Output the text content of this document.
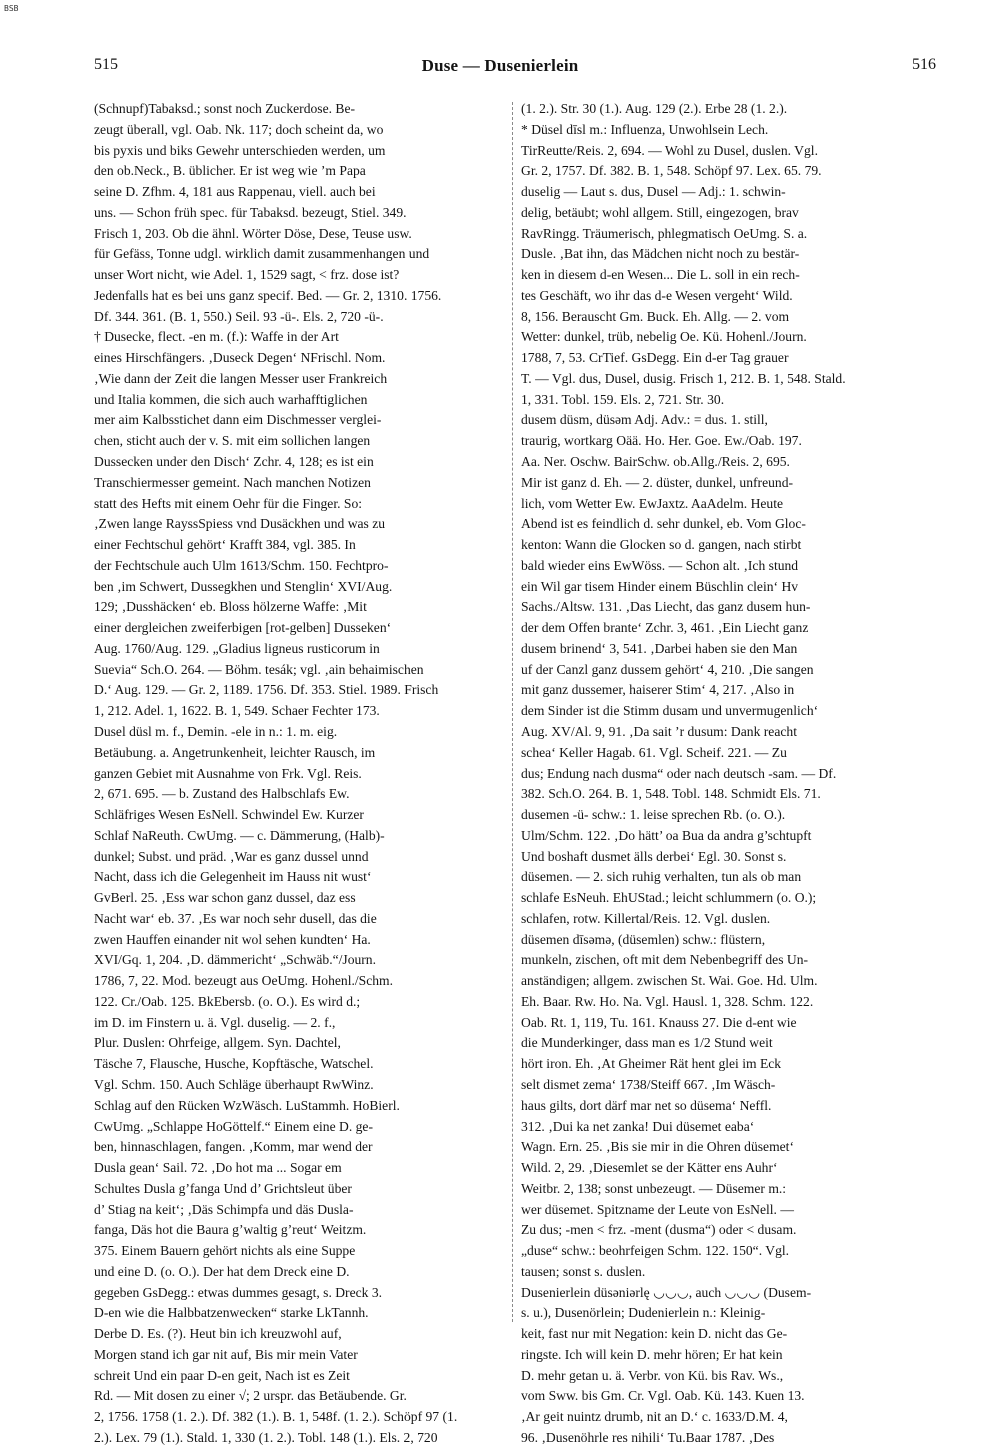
BSB
515	Duse — Dusenierlein	516
(Schnupf)Tabaksd.; sonst noch Zuckerdose. Be-
zeugt überall, vgl. Oab. Nk. 117; doch scheint da, wo
bis pyxis und biks Gewehr unterschieden werden, um
den ob.Neck., B. üblicher. Er ist weg wie ’m Papa
seine D. Zfhm. 4, 181 aus Rappenau, viell. auch bei
uns. — Schon früh spec. für Tabaksd. bezeugt, Stiel. 349.
Frisch 1, 203. Ob die ähnl. Wörter Döse, Dese, Teuse usw.
für Gefäss, Tonne udgl. wirklich damit zusammenhangen und
unser Wort nicht, wie Adel. 1, 1529 sagt, < frz. dose ist?
Jedenfalls hat es bei uns ganz specif. Bed. — Gr. 2, 1310. 1756.
Df. 344. 361. (B. 1, 550.) Seil. 93 -ü-. Els. 2, 720 -ü-.
† Dusecke, flect. -en m. (f.): Waffe in der Art
eines Hirschfängers. ‚Duseck Degen‘ NFrischl. Nom.
‚Wie dann der Zeit die langen Messer user Frankreich
und Italia kommen, die sich auch warhafftiglichen
mer aim Kalbsstichet dann eim Dischmesser verglei-
chen, sticht auch der v. S. mit eim sollichen langen
Dussecken under den Disch‘ Zchr. 4, 128; es ist ein
Transchiermesser gemeint. Nach manchen Notizen
statt des Hefts mit einem Oehr für die Finger. So:
‚Zwen lange RayssSpiess vnd Dusäckhen und was zu
einer Fechtschul gehört‘ Krafft 384, vgl. 385. In
der Fechtschule auch Ulm 1613/Schm. 150. Fechtpro-
ben ‚im Schwert, Dussegkhen und Stenglin‘ XVI/Aug.
129; ‚Dusshäcken‘ eb. Bloss hölzerne Waffe: ‚Mit
einer dergleichen zweiferbigen [rot-gelben] Dusseken‘
Aug. 1760/Aug. 129. „Gladius ligneus rusticorum in
Suevia“ Sch.O. 264. — Böhm. tesák; vgl. ‚ain behaimischen
D.‘ Aug. 129. — Gr. 2, 1189. 1756. Df. 353. Stiel. 1989. Frisch
1, 212. Adel. 1, 1622. B. 1, 549. Schaer Fechter 173.
Dusel düsl m. f., Demin. -ele in n.: 1. m. eig.
Betäubung. a. Angetrunkenheit, leichter Rausch, im
ganzen Gebiet mit Ausnahme von Frk. Vgl. Reis.
2, 671. 695. — b. Zustand des Halbschlafs Ew.
Schläfriges Wesen EsNell. Schwindel Ew. Kurzer
Schlaf NaReuth. CwUmg. — c. Dämmerung, (Halb)-
dunkel; Subst. und präd. ‚War es ganz dussel unnd
Nacht, dass ich die Gelegenheit im Hauss nit wust‘
GvBerl. 25. ‚Ess war schon ganz dussel, daz ess
Nacht war‘ eb. 37. ‚Es war noch sehr dusell, das die
zwen Hauffen einander nit wol sehen kundten‘ Ha.
XVI/Gq. 1, 204. ‚D. dämmericht‘ „Schwäb.“/Journ.
1786, 7, 22. Mod. bezeugt aus OeUmg. Hohenl./Schm.
122. Cr./Oab. 125. BkEbersb. (o. O.). Es wird d.;
im D. im Finstern u. ä. Vgl. duselig. — 2. f.,
Plur. Duslen: Ohrfeige, allgem. Syn. Dachtel,
Täsche 7, Flausche, Husche, Kopftäsche, Watschel.
Vgl. Schm. 150. Auch Schläge überhaupt RwWinz.
Schlag auf den Rücken WzWäsch. LuStammh. HoBierl.
CwUmg. „Schlappe HoGöttelf.“ Einem eine D. ge-
ben, hinnaschlagen, fangen. ‚Komm, mar wend der
Dusla gean‘ Sail. 72. ‚Do hot ma ... Sogar em
Schultes Dusla g’fanga Und d’ Grichtsleut über
d’ Stiag na keit‘; ‚Däs Schimpfa und däs Dusla-
fanga, Däs hot die Baura g’waltig g’reut‘ Weitzm.
375. Einem Bauern gehört nichts als eine Suppe
und eine D. (o. O.). Der hat dem Dreck eine D.
gegeben GsDegg.: etwas dummes gesagt, s. Dreck 3.
D-en wie die Halbbatzenwecken“ starke LkTannh.
Derbe D. Es. (?). Heut bin ich kreuzwohl auf,
Morgen stand ich gar nit auf, Bis mir mein Vater
schreit Und ein paar D-en geit, Nach ist es Zeit
Rd. — Mit dosen zu einer √; 2 urspr. das Betäubende. Gr.
2, 1756. 1758 (1. 2.). Df. 382 (1.). B. 1, 548f. (1. 2.). Schöpf 97 (1.
2.). Lex. 79 (1.). Stald. 1, 330 (1. 2.). Tobl. 148 (1.). Els. 2, 720
(1. 2.). Str. 30 (1.). Aug. 129 (2.). Erbe 28 (1. 2.).
* Düsel dīsl m.: Influenza, Unwohlsein Lech.
TirReutte/Reis. 2, 694. — Wohl zu Dusel, duslen. Vgl.
Gr. 2, 1757. Df. 382. B. 1, 548. Schöpf 97. Lex. 65. 79.
duselig — Laut s. dus, Dusel — Adj.: 1. schwin-
delig, betäubt; wohl allgem. Still, eingezogen, brav
RavRingg. Träumerisch, phlegmatisch OeUmg. S. a.
Dusle. ‚Bat ihn, das Mädchen nicht noch zu bestär-
ken in diesem d-en Wesen... Die L. soll in ein rech-
tes Geschäft, wo ihr das d-e Wesen vergeht‘ Wild.
8, 156. Berauscht Gm. Buck. Eh. Allg. — 2. vom
Wetter: dunkel, trüb, nebelig Oe. Kü. Hohenl./Journ.
1788, 7, 53. CrTief. GsDegg. Ein d-er Tag grauer
T. — Vgl. dus, Dusel, dusig. Frisch 1, 212. B. 1, 548. Stald.
1, 331. Tobl. 159. Els. 2, 721. Str. 30.
dusem düsm, düsəm Adj. Adv.: = dus. 1. still,
traurig, wortkarg Oää. Ho. Her. Goe. Ew./Oab. 197.
Aa. Ner. Oschw. BairSchw. ob.Allg./Reis. 2, 695.
Mir ist ganz d. Eh. — 2. düster, dunkel, unfreund-
lich, vom Wetter Ew. EwJaxtz. AaAdelm. Heute
Abend ist es feindlich d. sehr dunkel, eb. Vom Gloc-
kenton: Wann die Glocken so d. gangen, nach stirbt
bald wieder eins EwWöss. — Schon alt. ‚Ich stund
ein Wil gar tisem Hinder einem Büschlin clein‘ Hv
Sachs./Altsw. 131. ‚Das Liecht, das ganz dusem hun-
der dem Offen brante‘ Zchr. 3, 461. ‚Ein Liecht ganz
dusem brinend‘ 3, 541. ‚Darbei haben sie den Man
uf der Canzl ganz dussem gehört‘ 4, 210. ‚Die sangen
mit ganz dussemer, haiserer Stim‘ 4, 217. ‚Also in
dem Sinder ist die Stimm dusam und unvermugenlich‘
Aug. XV/Al. 9, 91. ‚Da sait ’r dusum: Dank reacht
schea‘ Keller Hagab. 61. Vgl. Scheif. 221. — Zu
dus; Endung nach dusma“ oder nach deutsch -sam. — Df.
382. Sch.O. 264. B. 1, 548. Tobl. 148. Schmidt Els. 71.
dusemen -ü- schw.: 1. leise sprechen Rb. (o. O.).
Ulm/Schm. 122. ‚Do hätt’ oa Bua da andra g’schtupft
Und boshaft dusmet älls derbei‘ Egl. 30. Sonst s.
düsemen. — 2. sich ruhig verhalten, tun als ob man
schlafe EsNeuh. EhUStad.; leicht schlummern (o. O.);
schlafen, rotw. Killertal/Reis. 12. Vgl. duslen.
düsemen dīsəmə, (düsemlen) schw.: flüstern,
munkeln, zischen, oft mit dem Nebenbegriff des Un-
anständigen; allgem. zwischen St. Wai. Goe. Hd. Ulm.
Eh. Baar. Rw. Ho. Na. Vgl. Hausl. 1, 328. Schm. 122.
Oab. Rt. 1, 119, Tu. 161. Knauss 27. Die d-ent wie
die Munderkinger, dass man es 1/2 Stund weit
hört iron. Eh. ‚At Gheimer Rät hent glei im Eck
selt dismet zema‘ 1738/Steiff 667. ‚Im Wäsch-
haus gilts, dort därf mar net so düsema‘ Neffl.
312. ‚Dui ka net zanka! Dui düsemet eaba‘
Wagn. Ern. 25. ‚Bis sie mir in die Ohren düsemet‘
Wild. 2, 29. ‚Diesemlet se der Kätter ens Auhr‘
Weitbr. 2, 138; sonst unbezeugt. — Düsemer m.:
wer düsemet. Spitzname der Leute von EsNell. —
Zu dus; -men < frz. -ment (dusma“) oder < dusam.
„duse“ schw.: beohrfeigen Schm. 122. 150“. Vgl.
tausen; sonst s. duslen.
Dusenierlein düsəniərlę ◡◡◡, auch ◡◡◡ (Dusem-
s. u.), Dusenörlein; Dudenierlein n.: Kleinig-
keit, fast nur mit Negation: kein D. nicht das Ge-
ringste. Ich will kein D. mehr hören; Er hat kein
D. mehr getan u. ä. Verbr. von Kü. bis Rav. Ws.,
vom Sww. bis Gm. Cr. Vgl. Oab. Kü. 143. Kuen 13.
‚Ar geit nuintz drumb, nit an D.‘ c. 1633/D.M. 4,
96. ‚Dusenöhrle res nihili‘ Tu.Baar 1787. ‚Des
